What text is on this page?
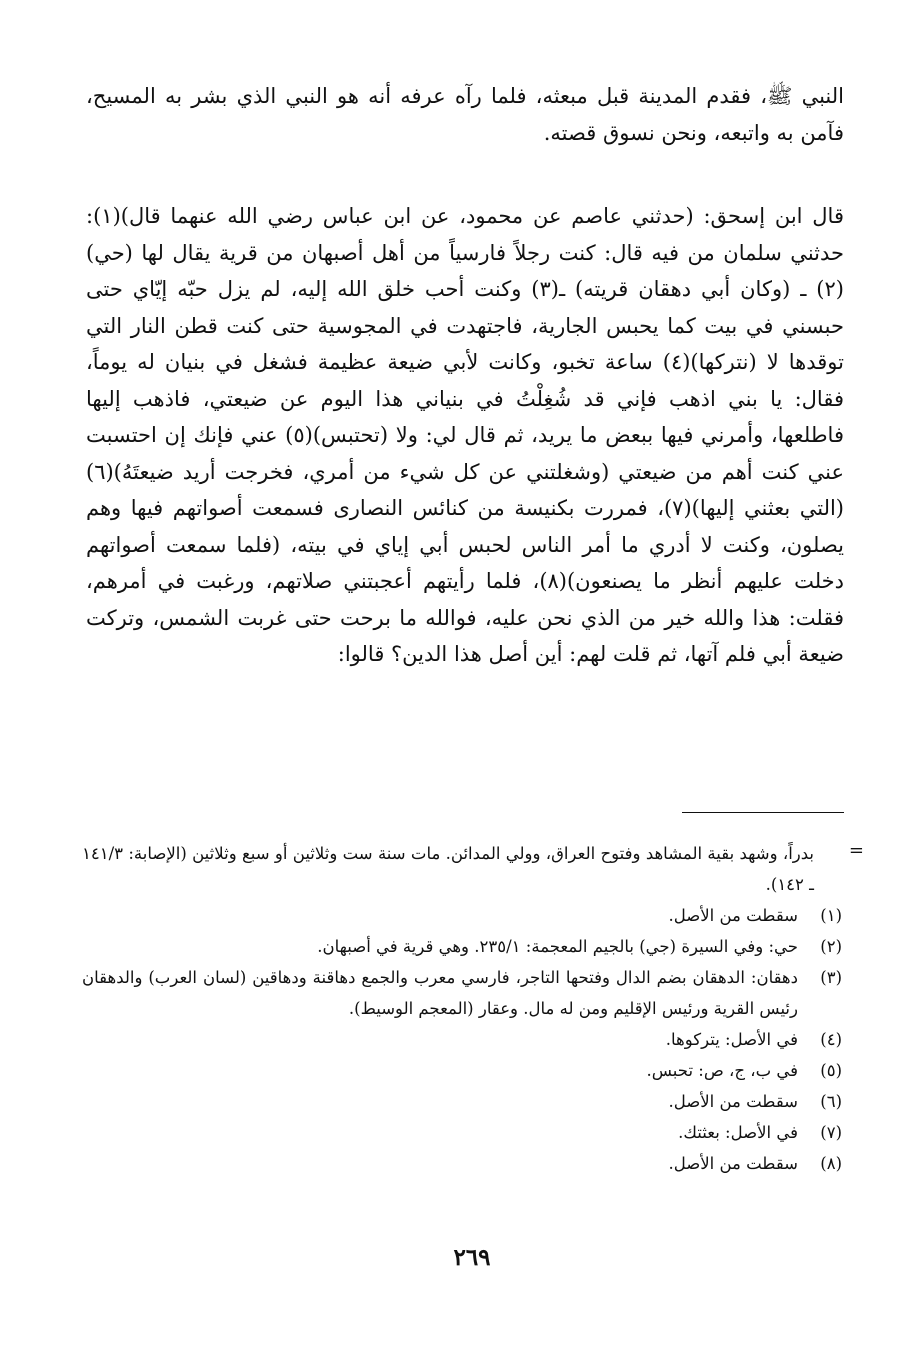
النبي ﷺ، فقدم المدينة قبل مبعثه، فلما رآه عرفه أنه هو النبي الذي بشر به المسيح، فآمن به واتبعه، ونحن نسوق قصته.

قال ابن إسحق: (حدثني عاصم عن محمود، عن ابن عباس رضي الله عنهما قال)(١): حدثني سلمان من فيه قال: كنت رجلاً فارسياً من أهل أصبهان من قرية يقال لها (حي)(٢) ـ (وكان أبي دهقان قريته) ـ(٣) وكنت أحب خلق الله إليه، لم يزل حبّه إيّاي حتى حبسني في بيت كما يحبس الجارية، فاجتهدت في المجوسية حتى كنت قطن النار التي توقدها لا (نتركها)(٤) ساعة تخبو، وكانت لأبي ضيعة عظيمة فشغل في بنيان له يوماً، فقال: يا بني اذهب فإني قد شُغِلْتُ في بنياني هذا اليوم عن ضيعتي، فاذهب إليها فاطلعها، وأمرني فيها ببعض ما يريد، ثم قال لي: ولا (تحتبس)(٥) عني فإنك إن احتسبت عني كنت أهم من ضيعتي (وشغلتني عن كل شيء من أمري، فخرجت أريد ضيعتَهُ)(٦) (التي بعثني إليها)(٧)، فمررت بكنيسة من كنائس النصارى فسمعت أصواتهم فيها وهم يصلون، وكنت لا أدري ما أمر الناس لحبس أبي إياي في بيته، (فلما سمعت أصواتهم دخلت عليهم أنظر ما يصنعون)(٨)، فلما رأيتهم أعجبتني صلاتهم، ورغبت في أمرهم، فقلت: هذا والله خير من الذي نحن عليه، فوالله ما برحت حتى غربت الشمس، وتركت ضيعة أبي فلم آتها، ثم قلت لهم: أين أصل هذا الدين؟ قالوا:

=
بدراً، وشهد بقية المشاهد وفتوح العراق، وولي المدائن. مات سنة ست وثلاثين أو سبع وثلاثين (الإصابة: ١٤١/٣ ـ ١٤٢).
(١)
سقطت من الأصل.
(٢)
حي: وفي السيرة (جي) بالجيم المعجمة: ٢٣٥/١. وهي قرية في أصبهان.
(٣)
دهقان: الدهقان بضم الدال وفتحها التاجر، فارسي معرب والجمع دهاقنة ودهاقين (لسان العرب) والدهقان رئيس القرية ورئيس الإقليم ومن له مال. وعقار (المعجم الوسيط).
(٤)
في الأصل: يتركوها.
(٥)
في ب، ج، ص: تحبس.
(٦)
سقطت من الأصل.
(٧)
في الأصل: بعثتك.
(٨)
سقطت من الأصل.
٢٦٩
